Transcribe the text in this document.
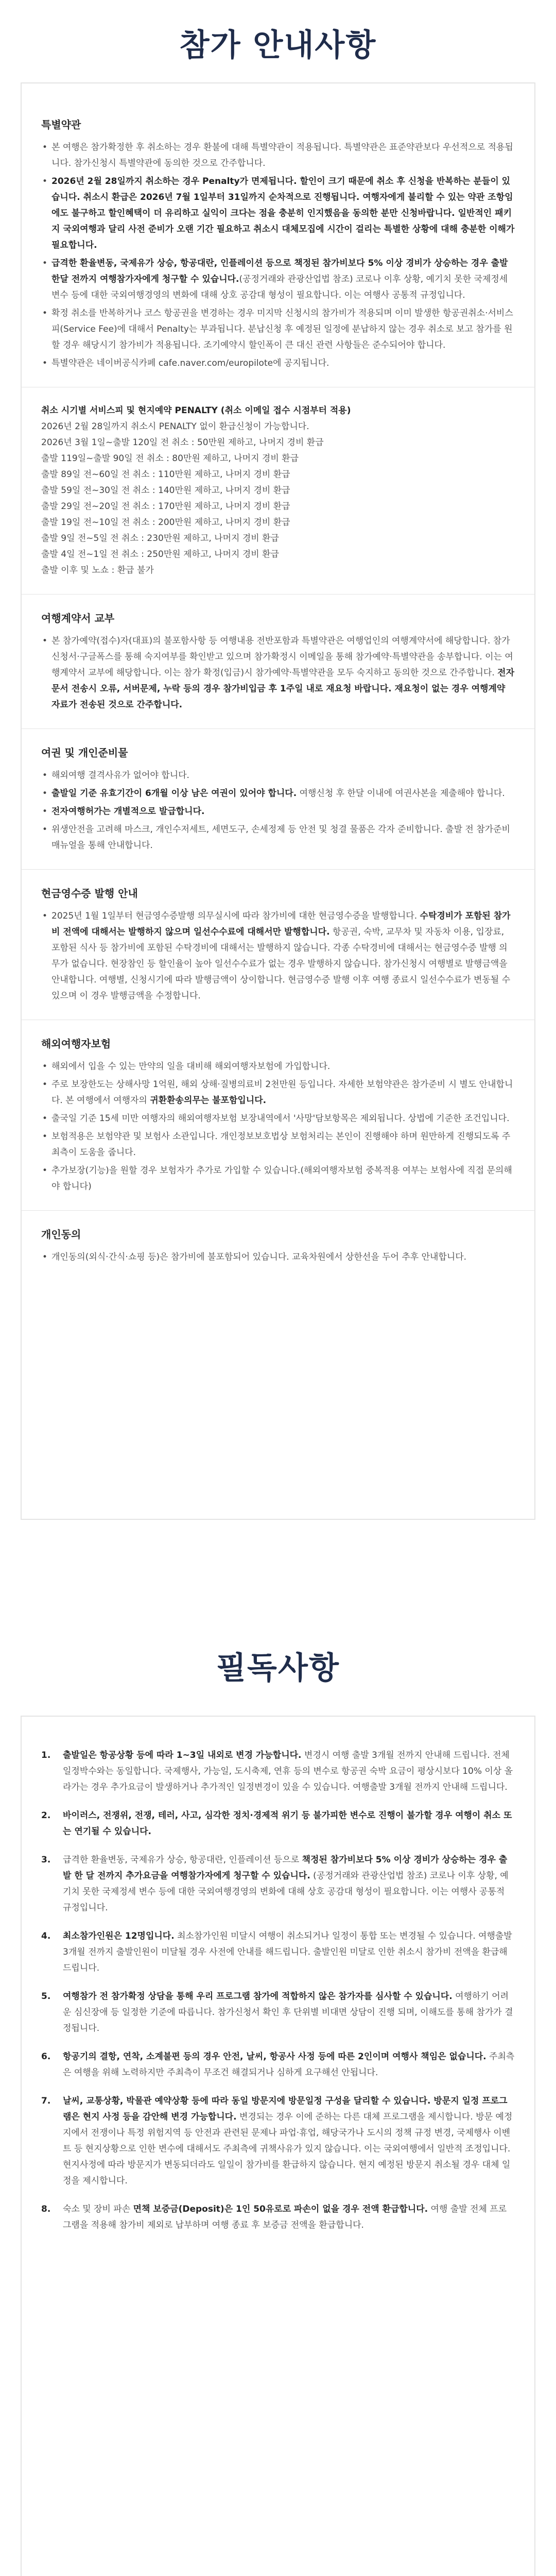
참가 안내사항
특별약관
• 본 여행은 참가확정한 후 취소하는 경우 환불에 대해 특별약관이 적용됩니다. 특별약관은 표준약관보다 우선적으로 적용됩니다. 참가신청시 특별약관에 동의한 것으로 간주합니다.
• 2026년 2월 28일까지 취소하는 경우 Penalty가 면제됩니다. 할인이 크기 때문에 취소 후 신청을 반복하는 분들이 있습니다. 취소시 환급은 2026년 7월 1일부터 31일까지 순차적으로 진행됩니다. 여행자에게 불리할 수 있는 약관 조항임에도 불구하고 할인혜택이 더 유리하고 실익이 크다는 점을 충분히 인지했음을 동의한 분만 신청바랍니다. 일반적인 패키지 국외여행과 달리 사전 준비가 오랜 기간 필요하고 취소시 대체모집에 시간이 걸리는 특별한 상황에 대해 충분한 이해가 필요합니다.
• 급격한 환율변동, 국제유가 상승, 항공대란, 인플레이션 등으로 책정된 참가비보다 5% 이상 경비가 상승하는 경우 출발 한달 전까지 여행참가자에게 청구할 수 있습니다.(공정거래와 관광산업법 참조) 코로나 이후 상황, 예기치 못한 국제정세 변수 등에 대한 국외여행경영의 변화에 대해 상호 공감대 형성이 필요합니다. 이는 여행사 공통적 규정입니다.
• 확정 취소를 반복하거나 코스 항공권을 변경하는 경우 미지막 신청시의 참가비가 적용되며 이미 발생한 항공권취소·서비스피(Service Fee)에 대해서 Penalty는 부과됩니다. 분납신청 후 예정된 일정에 분납하지 않는 경우 취소로 보고 참가를 원할 경우 해당시기 참가비가 적용됩니다. 조기예약시 할인폭이 큰 대신 관련 사항들은 준수되어야 합니다.
• 특별약관은 네이버공식카페 cafe.naver.com/europilote에 공지됩니다.
취소 시기별 서비스피 및 현지예약 PENALTY (취소 이메일 접수 시점부터 적용)
2026년 2월 28일까지 취소시 PENALTY 없이 환급신청이 가능합니다.
2026년 3월 1일~출발 120일 전 취소 : 50만원 제하고, 나머지 경비 환급
출발 119일~출발 90일 전 취소 : 80만원 제하고, 나머지 경비 환급
출발 89일 전~60일 전 취소 : 110만원 제하고, 나머지 경비 환급
출발 59일 전~30일 전 취소 : 140만원 제하고, 나머지 경비 환급
출발 29일 전~20일 전 취소 : 170만원 제하고, 나머지 경비 환급
출발 19일 전~10일 전 취소 : 200만원 제하고, 나머지 경비 환급
출발 9일 전~5일 전 취소 : 230만원 제하고, 나머지 경비 환급
출발 4일 전~1일 전 취소 : 250만원 제하고, 나머지 경비 환급
출발 이후 및 노쇼 : 환급 불가
여행계약서 교부
• 본 참가예약(접수)자(대표)의 불포함사항 등 여행내용 전반포함과 특별약관은 여행업인의 여행계약서에 해당합니다. 참가신청서·구글폭스를 통해 숙지여부를 확인받고 있으며 참가확정시 이메일을 통해 참가예약·특별약관을 송부합니다. 이는 여행계약서 교부에 해당합니다. 이는 참가 확정(입금)시 참가예약·특별약관을 모두 숙지하고 동의한 것으로 간주합니다. 전자문서 전송시 오류, 서버문제, 누락 등의 경우 참가비입금 후 1주일 내로 재요청 바랍니다. 재요청이 없는 경우 여행계약 자료가 전송된 것으로 간주합니다.
여권 및 개인준비물
• 해외여행 결격사유가 없어야 합니다.
• 출발일 기준 유효기간이 6개월 이상 남은 여권이 있어야 합니다. 여행신청 후 한달 이내에 여권사본을 제출해야 합니다.
• 전자여행허가는 개별적으로 발급합니다.
• 위생안전을 고려해 마스크, 개인수저세트, 세면도구, 손세정제 등 안전 및 청결 물품은 각자 준비합니다. 출발 전 참가준비 매뉴얼을 통해 안내합니다.
현금영수증 발행 안내
• 2025년 1월 1일부터 현금영수증발행 의무실시에 따라 참가비에 대한 현금영수증을 발행합니다. 수탁경비가 포함된 참가비 전액에 대해서는 발행하지 않으며 일선수수료에 대해서만 발행합니다. 항공권, 숙박, 교무차 및 자동차 이용, 입장료, 포함된 식사 등 참가비에 포함된 수탁경비에 대해서는 발행하지 않습니다. 각종 수탁경비에 대해서는 현금영수증 발행 의무가 없습니다. 현장참인 등 할인율이 높아 일선수수료가 없는 경우 발행하지 않습니다. 참가신청시 여행별로 발행금액을 안내합니다. 여행별, 신청시기에 따라 발행금액이 상이합니다. 현금영수증 발행 이후 여행 종료시 일선수수료가 변동될 수 있으며 이 경우 발행금액을 수정합니다.
해외여행자보험
• 해외에서 입을 수 있는 만약의 일을 대비해 해외여행자보험에 가입합니다.
• 주로 보장한도는 상해사망 1억원, 해외 상해·질병의료비 2천만원 등입니다. 자세한 보험약관은 참가준비 시 별도 안내합니다. 본 여행에서 여행자의 귀환환송의무는 불포함입니다.
• 출국일 기준 15세 미만 여행자의 해외여행자보험 보장내역에서 '사망'담보항목은 제외됩니다. 상법에 기준한 조건입니다.
• 보험적용은 보험약관 및 보험사 소관입니다. 개인정보보호법상 보험처리는 본인이 진행해야 하며 원만하게 진행되도록 주최측이 도움을 줍니다.
• 추가보장(기능)을 원할 경우 보험자가 추가로 가입할 수 있습니다.(해외여행자보험 중복적용 여부는 보험사에 직접 문의해야 합니다)
개인동의
• 개인동의(외식·간식·쇼핑 등)은 참가비에 불포함되어 있습니다. 교육차원에서 상한선을 두어 추후 안내합니다.
필독사항
1. 출발일은 항공상황 등에 따라 1~3일 내외로 변경 가능합니다. 변경시 여행 출발 3개월 전까지 안내해 드립니다. 전체 일정박수와는 동일합니다. 국제행사, 가능일, 도시축제, 연휴 등의 변수로 항공권 숙박 요금이 평상시보다 10% 이상 올라가는 경우 추가요금이 발생하거나 추가적인 일정변경이 있을 수 있습니다. 여행출발 3개월 전까지 안내해 드립니다.
2. 바이러스, 전쟁위, 전쟁, 테러, 사고, 심각한 정치·경제적 위기 등 불가피한 변수로 진행이 불가할 경우 여행이 취소 또는 연기될 수 있습니다.
3. 급격한 환율변동, 국제유가 상승, 항공대란, 인플레이션 등으로 책정된 참가비보다 5% 이상 경비가 상승하는 경우 출발 한 달 전까지 추가요금을 여행참가자에게 청구할 수 있습니다. (공정거래와 관광산업법 참조) 코로나 이후 상황, 예기치 못한 국제정세 변수 등에 대한 국외여행경영의 변화에 대해 상호 공감대 형성이 필요합니다. 이는 여행사 공통적 규정입니다.
4. 최소참가인원은 12명입니다. 최소참가인원 미달시 여행이 취소되거나 일정이 통합 또는 변경될 수 있습니다. 여행출발 3개월 전까지 출발인원이 미달될 경우 사전에 안내를 해드립니다. 출발인원 미달로 인한 취소시 참가비 전액을 환급해 드립니다.
5. 여행참가 전 참가확정 상담을 통해 우리 프로그램 참가에 적합하지 않은 참가자를 심사할 수 있습니다. 여행하기 어려운 심신장애 등 일정한 기준에 따릅니다. 참가신청서 확인 후 단위별 비대면 상담이 진행 되며, 이해도를 통해 참가가 결정됩니다.
6. 항공기의 결항, 연착, 소계불편 등의 경우 안전, 날씨, 항공사 사정 등에 따른 2인이며 여행사 책임은 없습니다. 주최측은 여행을 위해 노력하지만 주최측이 무조건 해결되거나 심하게 요구해선 안됩니다.
7. 날씨, 교통상황, 박물관 예약상황 등에 따라 동일 방문지에 방문일정 구성을 달리할 수 있습니다. 방문지 일정 프로그램은 현지 사정 등을 감안해 변경 가능합니다. 변경되는 경우 이에 준하는 다른 대체 프로그램을 제시합니다. 방문 예정지에서 전쟁이나 특정 위험지역 등 안전과 관련된 문제나 파업·휴업, 해당국가나 도시의 정책 규정 변경, 국제행사 이벤트 등 현지상황으로 인한 변수에 대해서도 주최측에 귀책사유가 있지 않습니다. 이는 국외여행에서 일반적 조정입니다. 현지사정에 따라 방문지가 변동되더라도 일일이 참가비를 환급하지 않습니다. 현지 예정된 방문지 취소될 경우 대체 일정을 제시합니다.
8. 숙소 및 장비 파손 면책 보증금(Deposit)은 1인 50유로로 파손이 없을 경우 전액 환급합니다. 여행 출발 전체 프로그램을 적용해 참가비 제외로 납부하며 여행 종료 후 보증금 전액을 환급합니다.
